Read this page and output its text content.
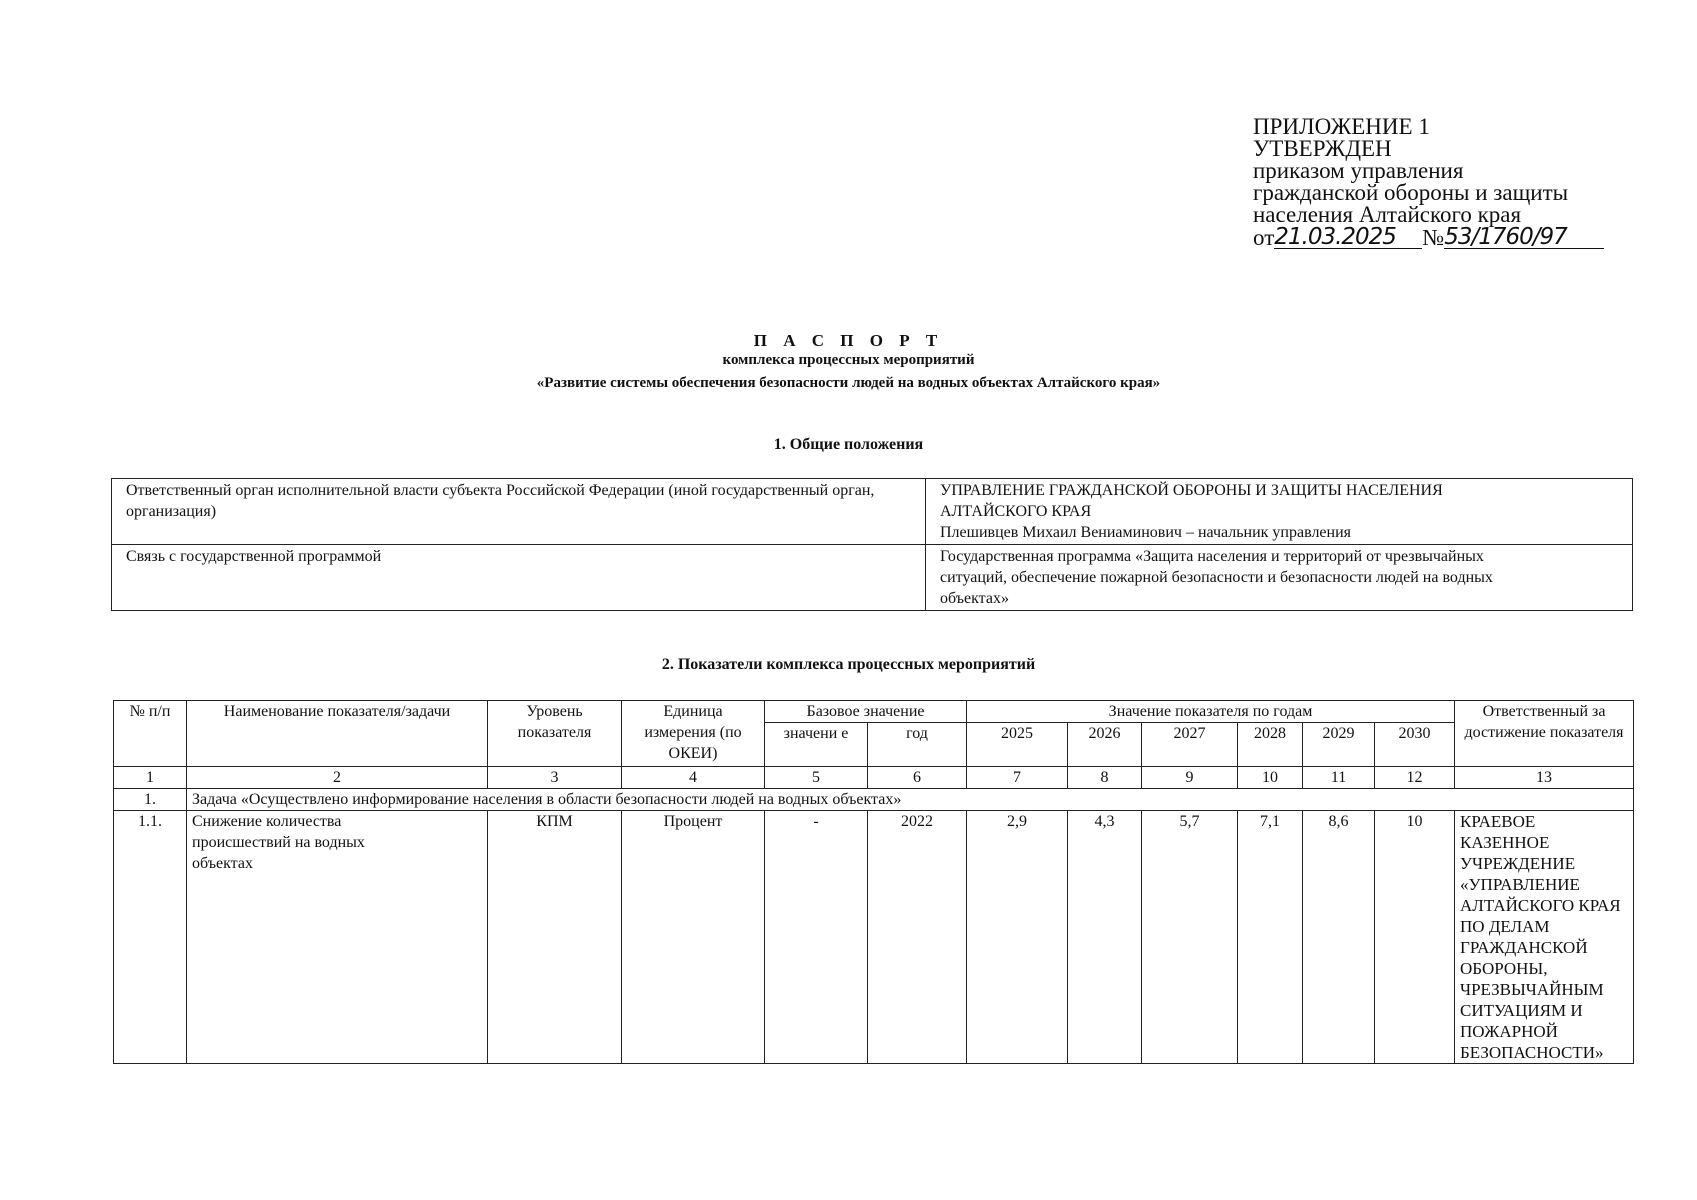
ПРИЛОЖЕНИЕ 1
УТВЕРЖДЕН
приказом управления
гражданской обороны и защиты
населения Алтайского края
от 21.03.2025	№ 53/1760/97
П А С П О Р Т
комплекса процессных мероприятий
«Развитие системы обеспечения безопасности людей на водных объектах Алтайского края»
1. Общие положения
Ответственный орган исполнительной власти субъекта Российской Федерации (иной государственный орган, организация)	УПРАВЛЕНИЕ ГРАЖДАНСКОЙ ОБОРОНЫ И ЗАЩИТЫ НАСЕЛЕНИЯ
АЛТАЙСКОГО КРАЯ
Плешивцев Михаил Вениаминович – начальник управления

Связь с государственной программой	Государственная программа «Защита населения и территорий от чрезвычайных
ситуаций, обеспечение пожарной безопасности и безопасности людей на водных
объектах»
2. Показатели комплекса процессных мероприятий
№ п/п	Наименование показателя/задачи	Уровень показателя	Единица измерения (по ОКЕИ)	Базовое значение		Значение показателя по годам						Ответственный за достижение показателя
				значени е	год	2025	2026	2027	2028	2029	2030	
1	2	3	4	5	6	7	8	9	10	11	12	13
1.	Задача «Осуществлено информирование населения в области безопасности людей на водных объектах»											
1.1.	Снижение количества происшествий на водных объектах	КПМ	Процент	-	2022	2,9	4,3	5,7	7,1	8,6	10	КРАЕВОЕ КАЗЕННОЕ УЧРЕЖДЕНИЕ «УПРАВЛЕНИЕ АЛТАЙСКОГО КРАЯ ПО ДЕЛАМ ГРАЖДАНСКОЙ ОБОРОНЫ, ЧРЕЗВЫЧАЙНЫМ СИТУАЦИЯМ И ПОЖАРНОЙ БЕЗОПАСНОСТИ»
